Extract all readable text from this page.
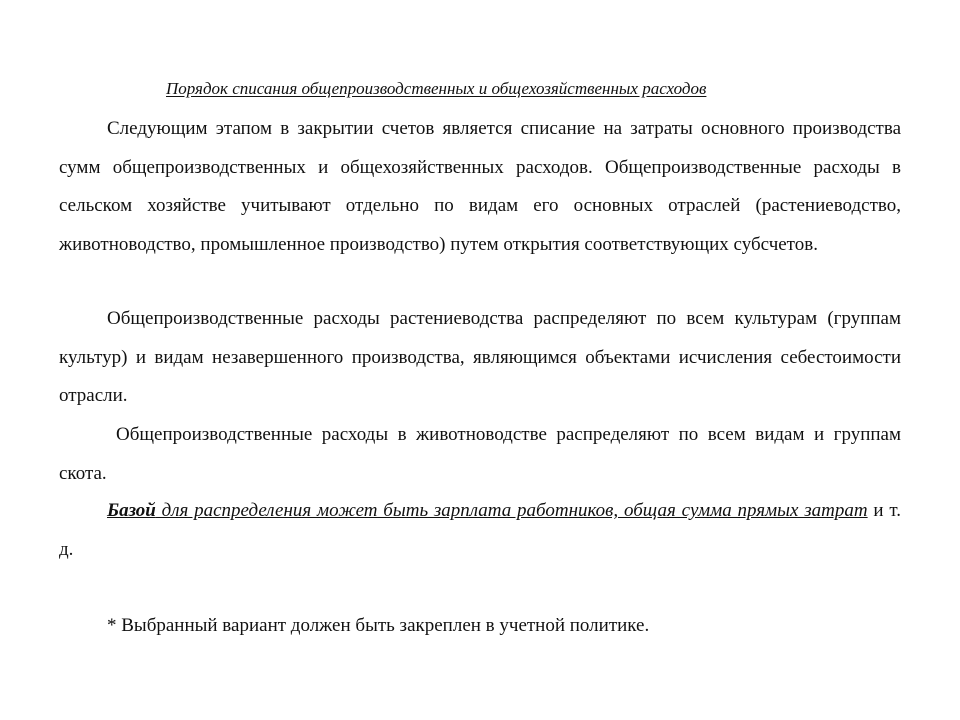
Порядок списания общепроизводственных и общехозяйственных расходов
Следующим этапом в закрытии счетов является списание на затраты основного производства сумм общепроизводственных и общехозяйственных расходов. Общепроизводственные расходы в сельском хозяйстве учитывают отдельно по видам его основных отраслей (растениеводство, животноводство, промышленное производство) путем открытия соответствующих субсчетов.
Общепроизводственные расходы растениеводства распределяют по всем культурам (группам культур) и видам незавершенного производства, являющимся объектами исчисления себестоимости отрасли.
Общепроизводственные расходы в животноводстве распределяют по всем видам и группам скота.
Базой для распределения может быть зарплата работников, общая сумма прямых затрат и т. д.
* Выбранный вариант должен быть закреплен в учетной политике.
